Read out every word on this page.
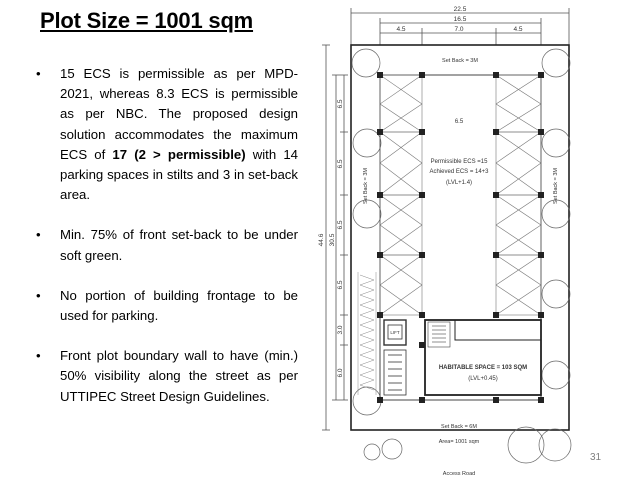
Plot Size = 1001 sqm
• 15 ECS is permissible as per MPD-2021, whereas 8.3 ECS is permissible as per NBC. The proposed design solution accommodates the maximum ECS of 17 (2 > permissible) with 14 parking spaces in stilts and 3 in set-back area.
• Min. 75% of front set-back to be under soft green.
• No portion of building frontage to be used for parking.
• Front plot boundary wall to have (min.) 50% visibility along the street as per UTTIPEC Street Design Guidelines.
22.5
16.5
4.5	7.0	4.5
44.6 30.5
6.5
6.5
6.5
6.5
3.0
6.0
LIFT
Set Back = 3M
6.5
Permissible ECS =15
Achieved ECS = 14+3
(LVL+1.4)
Set Back = 3M	Set Back = 3M
HABITABLE SPACE = 103 SQM
(LVL+0.45)
Set Back = 6M
Area= 1001 sqm
Access Road
31
